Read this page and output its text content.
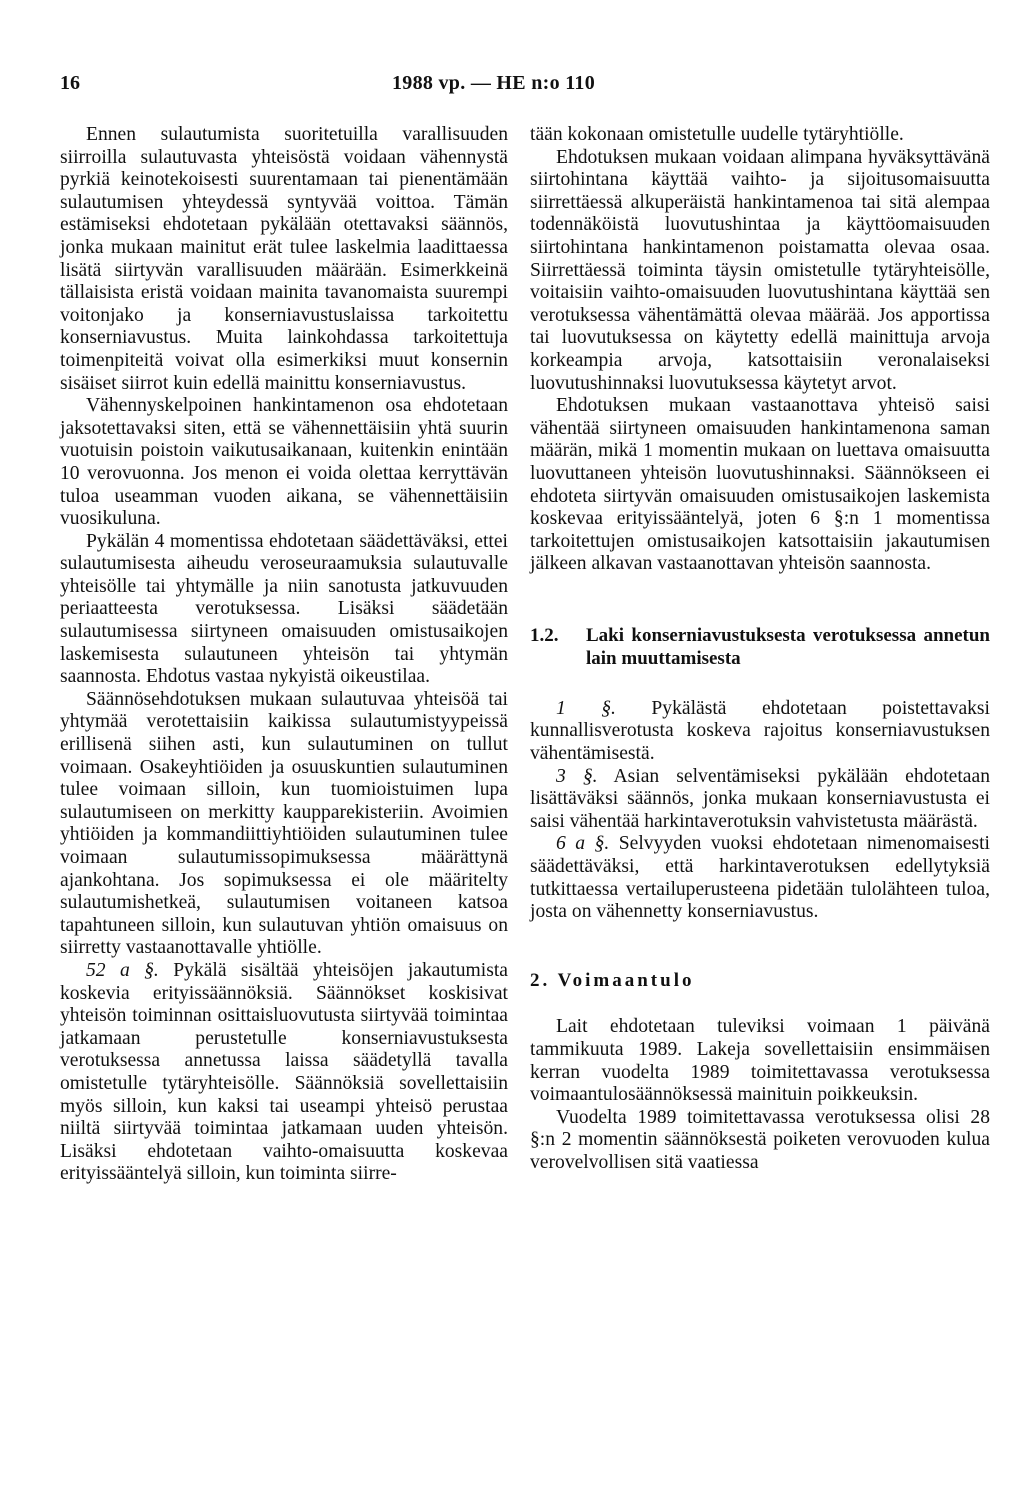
16	1988 vp. — HE n:o 110

Ennen sulautumista suoritetuilla varallisuuden siirroilla sulautuvasta yhteisöstä voidaan vähennystä pyrkiä keinotekoisesti suurentamaan tai pienentämään sulautumisen yhteydessä syntyvää voittoa. Tämän estämiseksi ehdotetaan pykälään otettavaksi säännös, jonka mukaan mainitut erät tulee laskelmia laadittaessa lisätä siirtyvän varallisuuden määrään. Esimerkkeinä tällaisista eristä voidaan mainita tavanomaista suurempi voitonjako ja konserniavustuslaissa tarkoitettu konserniavustus. Muita lainkohdassa tarkoitettuja toimenpiteitä voivat olla esimerkiksi muut konsernin sisäiset siirrot kuin edellä mainittu konserniavustus.

Vähennyskelpoinen hankintamenon osa ehdotetaan jaksotettavaksi siten, että se vähennettäisiin yhtä suurin vuotuisin poistoin vaikutusaikanaan, kuitenkin enintään 10 verovuonna. Jos menon ei voida olettaa kerryttävän tuloa useamman vuoden aikana, se vähennettäisiin vuosikuluna.

Pykälän 4 momentissa ehdotetaan säädettäväksi, ettei sulautumisesta aiheudu veroseuraamuksia sulautuvalle yhteisölle tai yhtymälle ja niin sanotusta jatkuvuuden periaatteesta verotuksessa. Lisäksi säädetään sulautumisessa siirtyneen omaisuuden omistusaikojen laskemisesta sulautuneen yhteisön tai yhtymän saannosta. Ehdotus vastaa nykyistä oikeustilaa.

Säännösehdotuksen mukaan sulautuvaa yhteisöä tai yhtymää verotettaisiin kaikissa sulautumistyypeissä erillisenä siihen asti, kun sulautuminen on tullut voimaan. Osakeyhtiöiden ja osuuskuntien sulautuminen tulee voimaan silloin, kun tuomioistuimen lupa sulautumiseen on merkitty kaupparekisteriin. Avoimien yhtiöiden ja kommandiittiyhtiöiden sulautuminen tulee voimaan sulautumissopimuksessa määrättynä ajankohtana. Jos sopimuksessa ei ole määritelty sulautumishetkeä, sulautumisen voitaneen katsoa tapahtuneen silloin, kun sulautuvan yhtiön omaisuus on siirretty vastaanottavalle yhtiölle.

52 a §. Pykälä sisältää yhteisöjen jakautumista koskevia erityissäännöksiä. Säännökset koskisivat yhteisön toiminnan osittaisluovutusta siirtyvää toimintaa jatkamaan perustetulle konserniavustuksesta verotuksessa annetussa laissa säädetyllä tavalla omistetulle tytäryhteisölle. Säännöksiä sovellettaisiin myös silloin, kun kaksi tai useampi yhteisö perustaa niiltä siirtyvää toimintaa jatkamaan uuden yhteisön. Lisäksi ehdotetaan vaihto-omaisuutta koskevaa erityissääntelyä silloin, kun toiminta siirre-

tään kokonaan omistetulle uudelle tytäryhtiölle.

Ehdotuksen mukaan voidaan alimpana hyväksyttävänä siirtohintana käyttää vaihto- ja sijoitusomaisuutta siirrettäessä alkuperäistä hankintamenoa tai sitä alempaa todennäköistä luovutushintaa ja käyttöomaisuuden siirtohintana hankintamenon poistamatta olevaa osaa. Siirrettäessä toiminta täysin omistetulle tytäryhteisölle, voitaisiin vaihto-omaisuuden luovutushintana käyttää sen verotuksessa vähentämättä olevaa määrää. Jos apportissa tai luovutuksessa on käytetty edellä mainittuja arvoja korkeampia arvoja, katsottaisiin veronalaiseksi luovutushinnaksi luovutuksessa käytetyt arvot.

Ehdotuksen mukaan vastaanottava yhteisö saisi vähentää siirtyneen omaisuuden hankintamenona saman määrän, mikä 1 momentin mukaan on luettava omaisuutta luovuttaneen yhteisön luovutushinnaksi. Säännökseen ei ehdoteta siirtyvän omaisuuden omistusaikojen laskemista koskevaa erityissääntelyä, joten 6 §:n 1 momentissa tarkoitettujen omistusaikojen katsottaisiin jakautumisen jälkeen alkavan vastaanottavan yhteisön saannosta.

1.2.	Laki konserniavustuksesta verotuksessa annetun lain muuttamisesta

1 §. Pykälästä ehdotetaan poistettavaksi kunnallisverotusta koskeva rajoitus konserniavustuksen vähentämisestä.

3 §. Asian selventämiseksi pykälään ehdotetaan lisättäväksi säännös, jonka mukaan konserniavustusta ei saisi vähentää harkintaverotuksin vahvistetusta määrästä.

6 a §. Selvyyden vuoksi ehdotetaan nimenomaisesti säädettäväksi, että harkintaverotuksen edellytyksiä tutkittaessa vertailuperusteena pidetään tulolähteen tuloa, josta on vähennetty konserniavustus.

2. Voimaantulo

Lait ehdotetaan tuleviksi voimaan 1 päivänä tammikuuta 1989. Lakeja sovellettaisiin ensimmäisen kerran vuodelta 1989 toimitettavassa verotuksessa voimaantulosäännöksessä mainituin poikkeuksin.

Vuodelta 1989 toimitettavassa verotuksessa olisi 28 §:n 2 momentin säännöksestä poiketen verovuoden kulua verovelvollisen sitä vaatiessa
